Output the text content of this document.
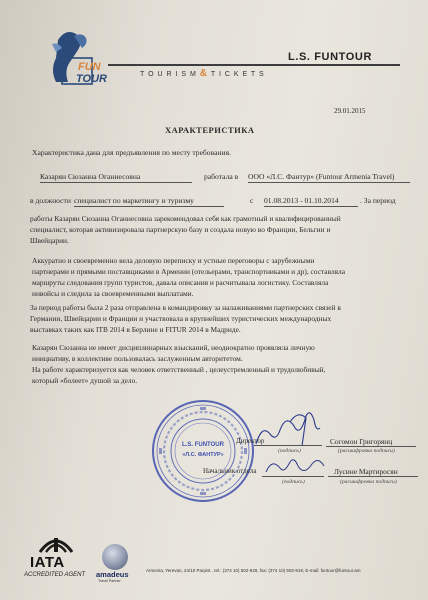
FUN
TOUR
L.S. FUNTOUR
T O U R I S M & T I C K E T S
29.01.2015
ХАРАКТЕРИСТИКА
Характеристика дана для предъявления по месту требования.
Казарян Сюзанна Оганнесовна	работала в ООО «Л.С. Фантур» (Funtour Armenia Travel)
в должности специалист по маркетингу и туризму	с 01.08.2013 - 01.10.2014	. За период
работы Казарян Сюзанна Оганнесовна зарекомендовал себя как грамотный и квалифицированный
специалист, которая активизировала партнерскую базу и создала новую во Франции, Бельгии и
Швейцарии.
Аккуратно и своевременно вела деловую переписку и устные переговоры с зарубежными
партнерами и прямыми поставщиками в Армении (отельерами, транспортниками и др), составляла
маршруты следования групп туристов, давала описания и расчитывала логистику. Составляла
инвойсы и следила за своевременными выплатами.
За период работы была 2 раза отправлена в командировку за налаживаниями партнерских связей в
Германии, Швейцарии и Франции и участвовала в крупнейших туристических международных
выставках таких как ITB 2014 в Берлине и FITUR 2014 в Мадриде.
Казарян Сюзанна не имеет дисциплинарных взысканий, неоднократно проявляла личную
инициативу, в коллективе пользовалась заслуженным авторитетом.
На работе характеризуется как человек ответственный , целеустремленный и трудолюбивый,
который «болеет» душой за дело.
L.S. FUNTOUR
«Л.С. ФАНТУР»
Директор
(подпись)
Согомон Григорянц
(расшифровка подписи)
Начальник отдела
(подпись)
Лусине Мартиросян
(расшифровка подписи)
IATA
ACCREDITED AGENT amadeus
Travel Partner
Armenia, Yerevan, 24/10 Parpist , tel.: (374 10) 502-929, fax: (374 10) 502-919, E-mail: funtour@funtour.am
